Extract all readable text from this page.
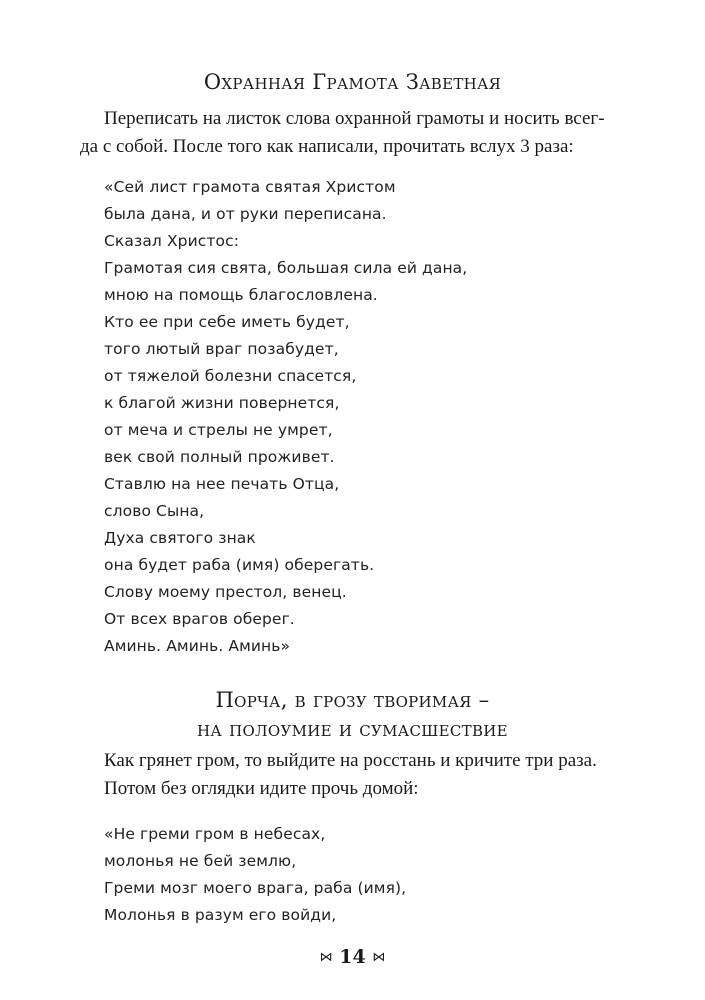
Охранная Грамота Заветная
Переписать на листок слова охранной грамоты и носить всег-
да с собой. После того как написали, прочитать вслух 3 раза:
«Сей лист грамота святая Христом
была дана, и от руки переписана.
Сказал Христос:
Грамотая сия свята, большая сила ей дана,
мною на помощь благословлена.
Кто ее при себе иметь будет,
того лютый враг позабудет,
от тяжелой болезни спасется,
к благой жизни повернется,
от меча и стрелы не умрет,
век свой полный проживет.
Ставлю на нее печать Отца,
слово Сына,
Духа святого знак
она будет раба (имя) оберегать.
Слову моему престол, венец.
От всех врагов оберег.
Аминь. Аминь. Аминь»
Порча, в грозу творимая –
на полоумие и сумасшествие
Как грянет гром, то выйдите на росстань и кричите три раза.
Потом без оглядки идите прочь домой:
«Не греми гром в небесах,
молонья не бей землю,
Греми мозг моего врага, раба (имя),
Молонья в разум его войди,
⋈ 14 ⋈
